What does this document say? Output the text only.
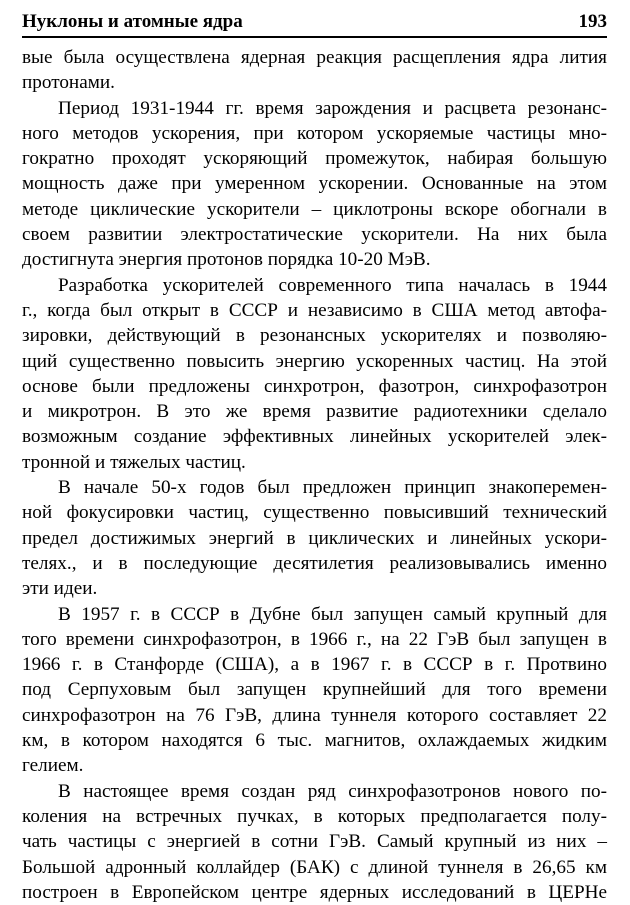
Нуклоны и атомные ядра	193
вые была осуществлена ядерная реакция расщепления ядра лития
протонами.
Период 1931-1944 гг. время зарождения и расцвета резонанс-
ного методов ускорения, при котором ускоряемые частицы мно-
гократно проходят ускоряющий промежуток, набирая большую
мощность даже при умеренном ускорении. Основанные на этом
методе циклические ускорители – циклотроны вскоре обогнали в
своем развитии электростатические ускорители. На них была
достигнута энергия протонов порядка 10-20 МэВ.
Разработка ускорителей современного типа началась в 1944
г., когда был открыт в СССР и независимо в США метод автофа-
зировки, действующий в резонансных ускорителях и позволяю-
щий существенно повысить энергию ускоренных частиц. На этой
основе были предложены синхротрон, фазотрон, синхрофазотрон
и микротрон. В это же время развитие радиотехники сделало
возможным создание эффективных линейных ускорителей элек-
тронной и тяжелых частиц.
В начале 50-х годов был предложен принцип знакоперемен-
ной фокусировки частиц, существенно повысивший технический
предел достижимых энергий в циклических и линейных ускори-
телях., и в последующие десятилетия реализовывались именно
эти идеи.
В 1957 г. в СССР в Дубне был запущен самый крупный для
того времени синхрофазотрон, в 1966 г., на 22 ГэВ был запущен в
1966 г. в Станфорде (США), а в 1967 г. в СССР в г. Протвино
под Серпуховым был запущен крупнейший для того времени
синхрофазотрон на 76 ГэВ, длина туннеля которого составляет 22
км, в котором находятся 6 тыс. магнитов, охлаждаемых жидким
гелием.
В настоящее время создан ряд синхрофазотронов нового по-
коления на встречных пучках, в которых предполагается полу-
чать частицы с энергией в сотни ГэВ. Самый крупный из них –
Большой адронный коллайдер (БАК) с длиной туннеля в 26,65 км
построен в Европейском центре ядерных исследований в ЦЕРНе
